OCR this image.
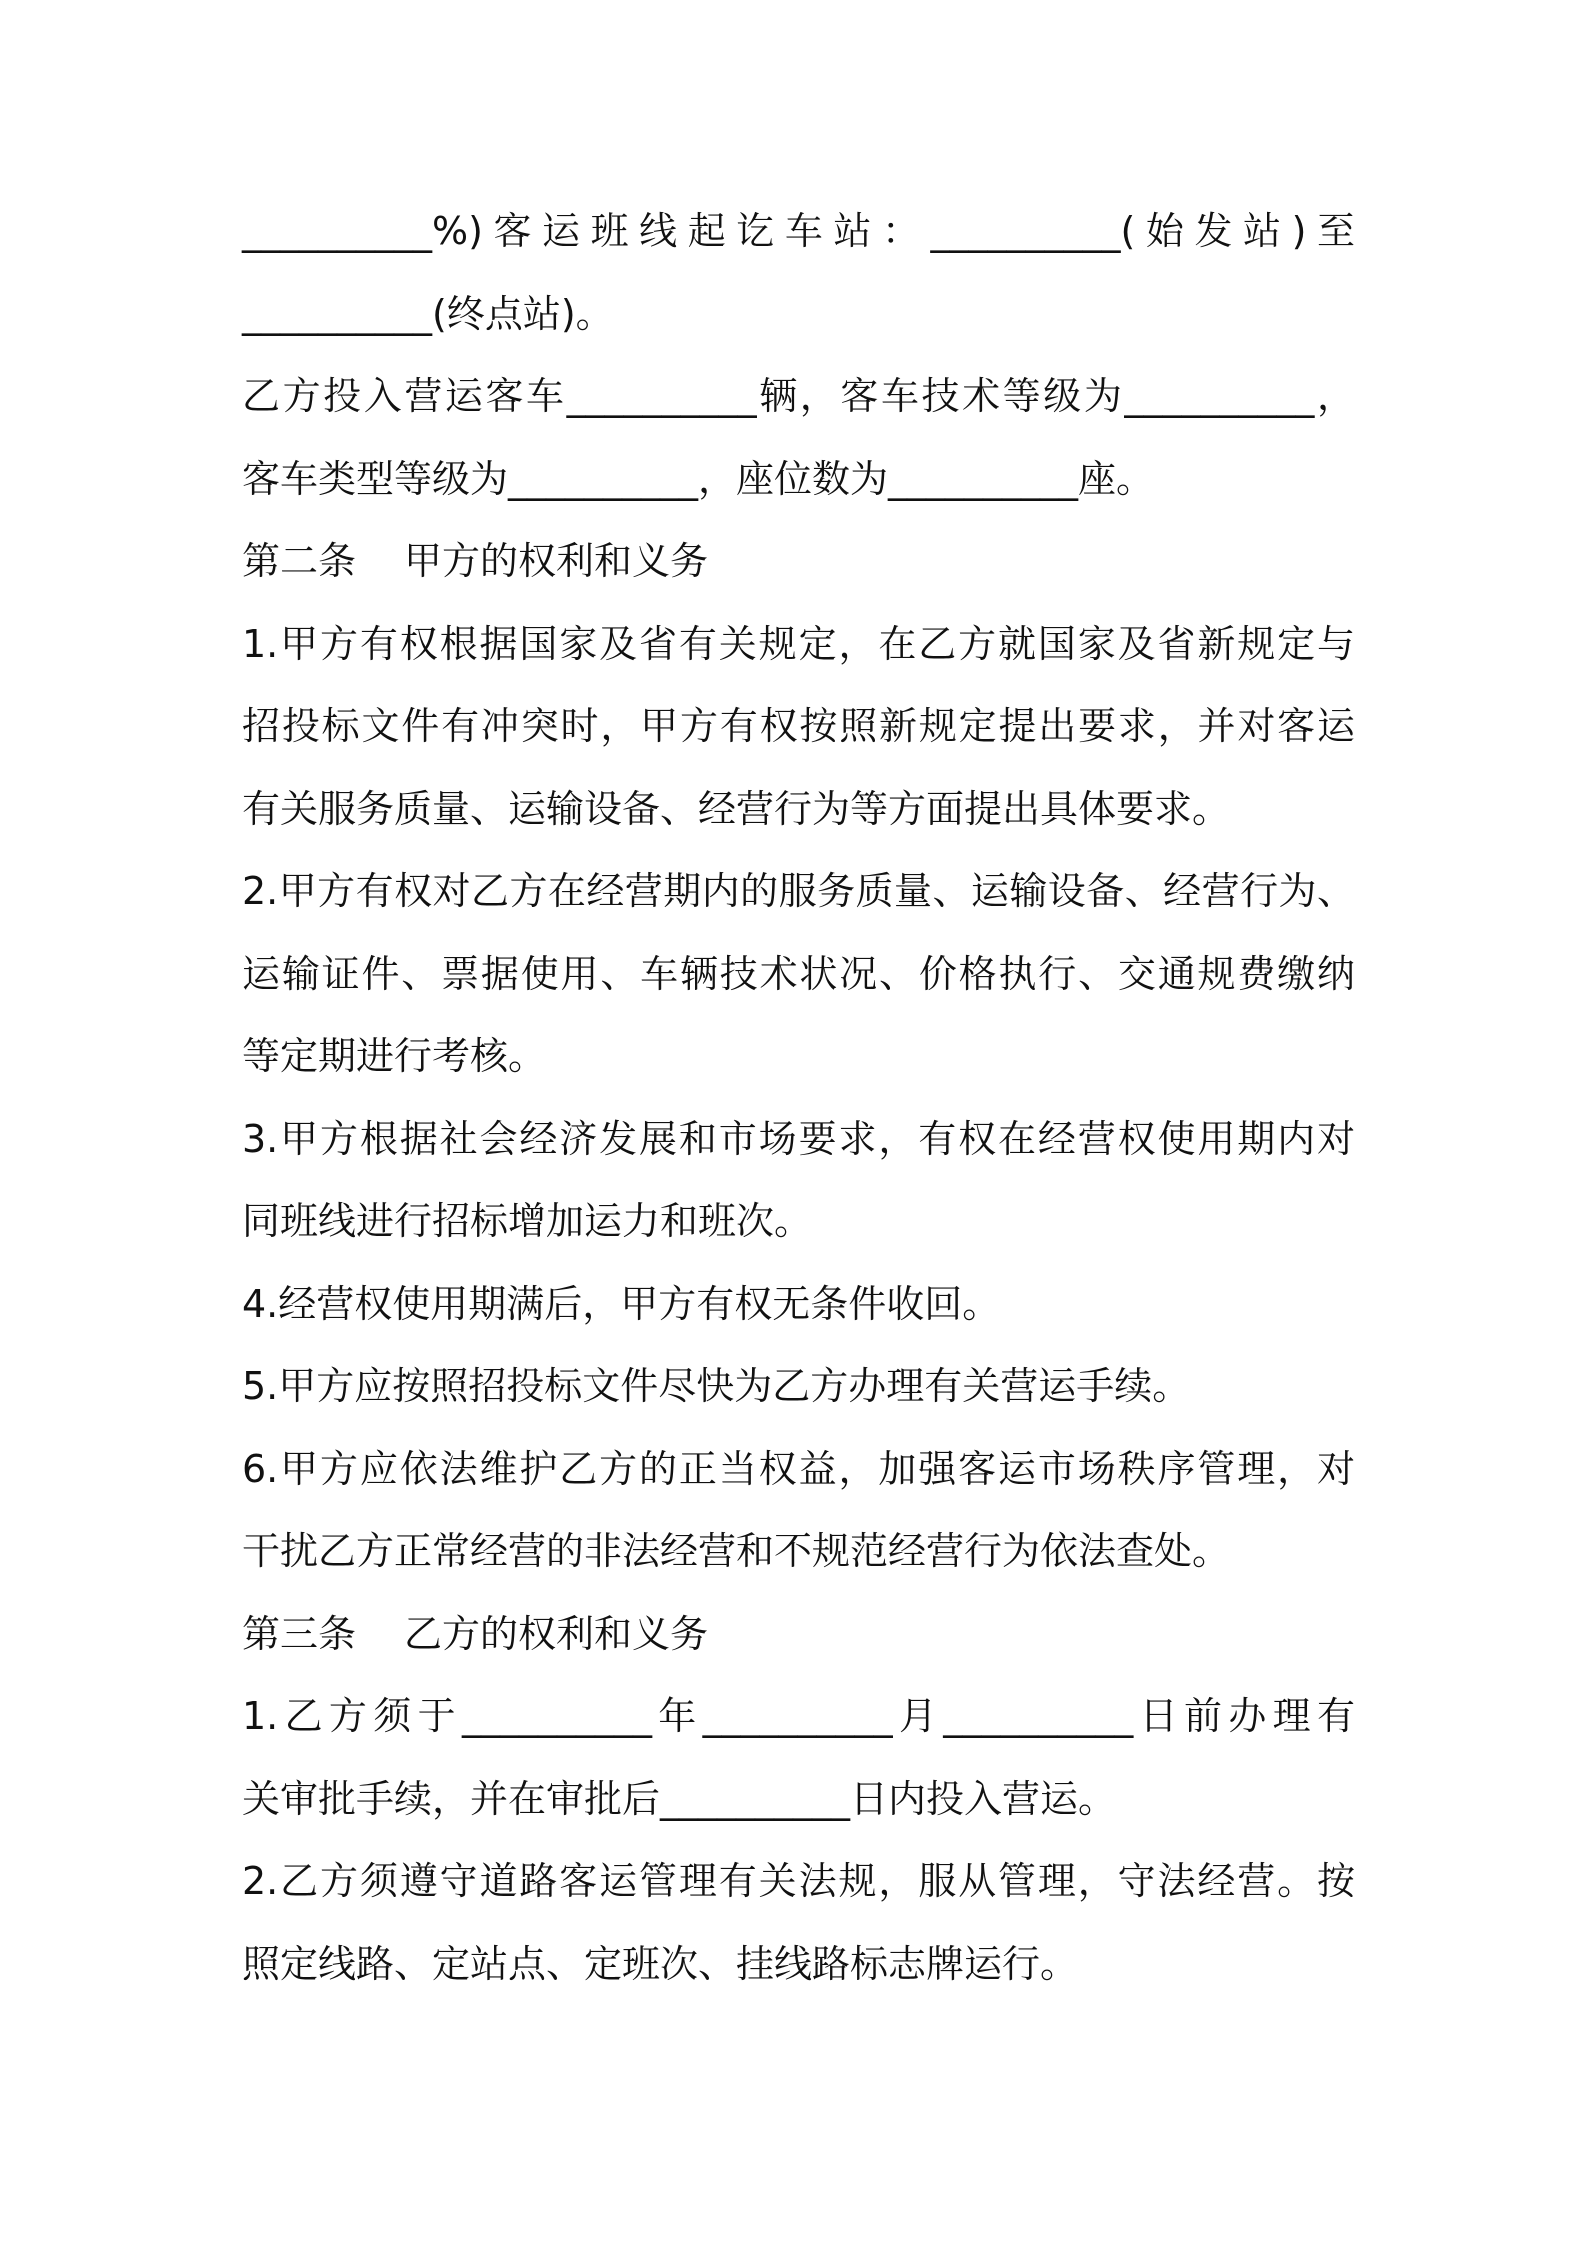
__________%)客运班线起讫车站：__________(始发站)至
__________(终点站)。
乙方投入营运客车__________辆，客车技术等级为__________，
客车类型等级为__________，座位数为__________座。
第二条 甲方的权利和义务
1.甲方有权根据国家及省有关规定，在乙方就国家及省新规定与
招投标文件有冲突时，甲方有权按照新规定提出要求，并对客运
有关服务质量、运输设备、经营行为等方面提出具体要求。
2.甲方有权对乙方在经营期内的服务质量、运输设备、经营行为、
运输证件、票据使用、车辆技术状况、价格执行、交通规费缴纳
等定期进行考核。
3.甲方根据社会经济发展和市场要求，有权在经营权使用期内对
同班线进行招标增加运力和班次。
4.经营权使用期满后，甲方有权无条件收回。
5.甲方应按照招投标文件尽快为乙方办理有关营运手续。
6.甲方应依法维护乙方的正当权益，加强客运市场秩序管理，对
干扰乙方正常经营的非法经营和不规范经营行为依法查处。
第三条 乙方的权利和义务
1.乙方须于__________年__________月__________日前办理有
关审批手续，并在审批后__________日内投入营运。
2.乙方须遵守道路客运管理有关法规，服从管理，守法经营。按
照定线路、定站点、定班次、挂线路标志牌运行。
